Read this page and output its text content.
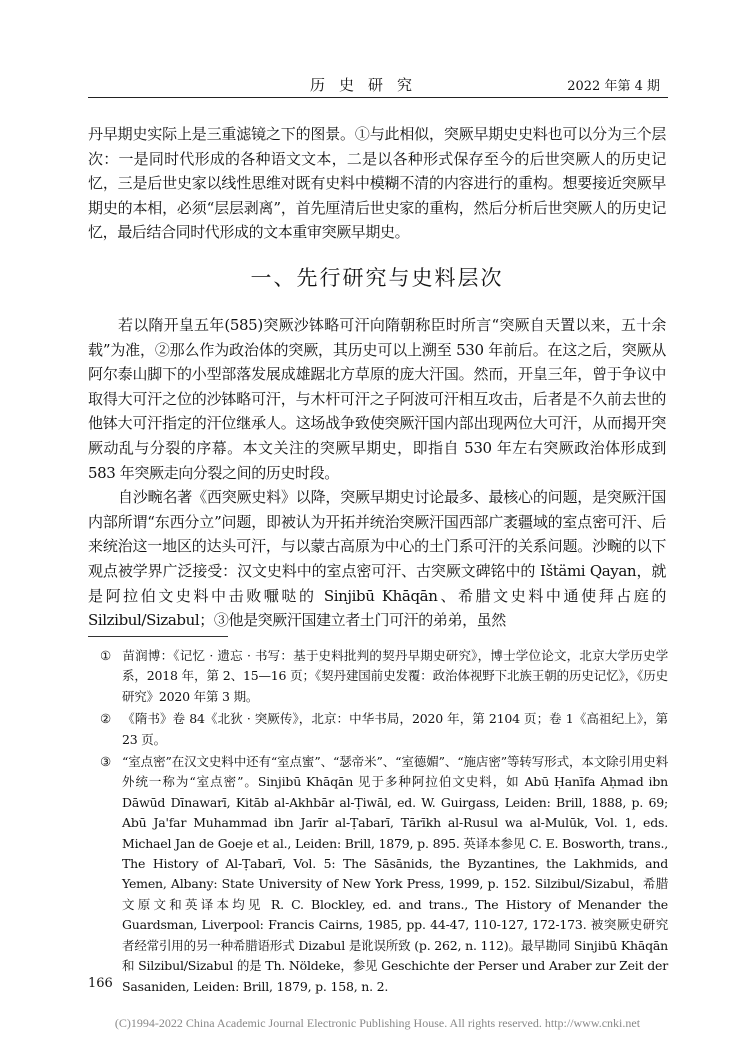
历史研究	2022 年第 4 期

丹早期史实际上是三重滤镜之下的图景。①与此相似，突厥早期史史料也可以分为三个层次：一是同时代形成的各种语文文本，二是以各种形式保存至今的后世突厥人的历史记忆，三是后世史家以线性思维对既有史料中模糊不清的内容进行的重构。想要接近突厥早期史的本相，必须“层层剥离”，首先厘清后世史家的重构，然后分析后世突厥人的历史记忆，最后结合同时代形成的文本重审突厥早期史。

一、先行研究与史料层次

若以隋开皇五年(585)突厥沙钵略可汗向隋朝称臣时所言“突厥自天置以来，五十余载”为准，②那么作为政治体的突厥，其历史可以上溯至 530 年前后。在这之后，突厥从阿尔泰山脚下的小型部落发展成雄踞北方草原的庞大汗国。然而，开皇三年，曾于争议中取得大可汗之位的沙钵略可汗，与木杆可汗之子阿波可汗相互攻击，后者是不久前去世的他钵大可汗指定的汗位继承人。这场战争致使突厥汗国内部出现两位大可汗，从而揭开突厥动乱与分裂的序幕。本文关注的突厥早期史，即指自 530 年左右突厥政治体形成到 583 年突厥走向分裂之间的历史时段。

自沙畹名著《西突厥史料》以降，突厥早期史讨论最多、最核心的问题，是突厥汗国内部所谓“东西分立”问题，即被认为开拓并统治突厥汗国西部广袤疆域的室点密可汗、后来统治这一地区的达头可汗，与以蒙古高原为中心的土门系可汗的关系问题。沙畹的以下观点被学界广泛接受：汉文史料中的室点密可汗、古突厥文碑铭中的 Ištämi Qayan，就是阿拉伯文史料中击败嚈哒的 Sinjibū Khāqān、希腊文史料中通使拜占庭的 Silzibul/Sizabul；③他是突厥汗国建立者土门可汗的弟弟，虽然

① 苗润博：《记忆 · 遗忘 · 书写：基于史料批判的契丹早期史研究》，博士学位论文，北京大学历史学系，2018 年，第 2、15—16 页；《契丹建国前史发覆：政治体视野下北族王朝的历史记忆》，《历史研究》2020 年第 3 期。

② 《隋书》卷 84《北狄 · 突厥传》，北京：中华书局，2020 年，第 2104 页；卷 1《高祖纪上》，第 23 页。

③ “室点密”在汉文史料中还有“室点蜜”、“瑟帝米”、“室德媚”、“施店密”等转写形式，本文除引用史料外统一称为“室点密”。Sinjibū Khāqān 见于多种阿拉伯文史料，如 Abū Ḥanīfa Aḥmad ibn Dāwūd Dīnawarī, Kitāb al-Akhbār al-Ṭiwāl, ed. W. Guirgass, Leiden: Brill, 1888, p. 69; Abū Ja'far Muhammad ibn Jarīr al-Ṭabarī, Tārīkh al-Rusul wa al-Mulūk, Vol. 1, eds. Michael Jan de Goeje et al., Leiden: Brill, 1879, p. 895. 英译本参见 C. E. Bosworth, trans., The History of Al-Ṭabarī, Vol. 5: The Sāsānids, the Byzantines, the Lakhmids, and Yemen, Albany: State University of New York Press, 1999, p. 152. Silzibul/Sizabul，希腊文原文和英译本均见 R. C. Blockley, ed. and trans., The History of Menander the Guardsman, Liverpool: Francis Cairns, 1985, pp. 44-47, 110-127, 172-173. 被突厥史研究者经常引用的另一种希腊语形式 Dizabul 是讹误所致 (p. 262, n. 112)。最早勘同 Sinjibū Khāqān 和 Silzibul/Sizabul 的是 Th. Nöldeke，参见 Geschichte der Perser und Araber zur Zeit der Sasaniden, Leiden: Brill, 1879, p. 158, n. 2.

166
(C)1994-2022 China Academic Journal Electronic Publishing House. All rights reserved. http://www.cnki.net
